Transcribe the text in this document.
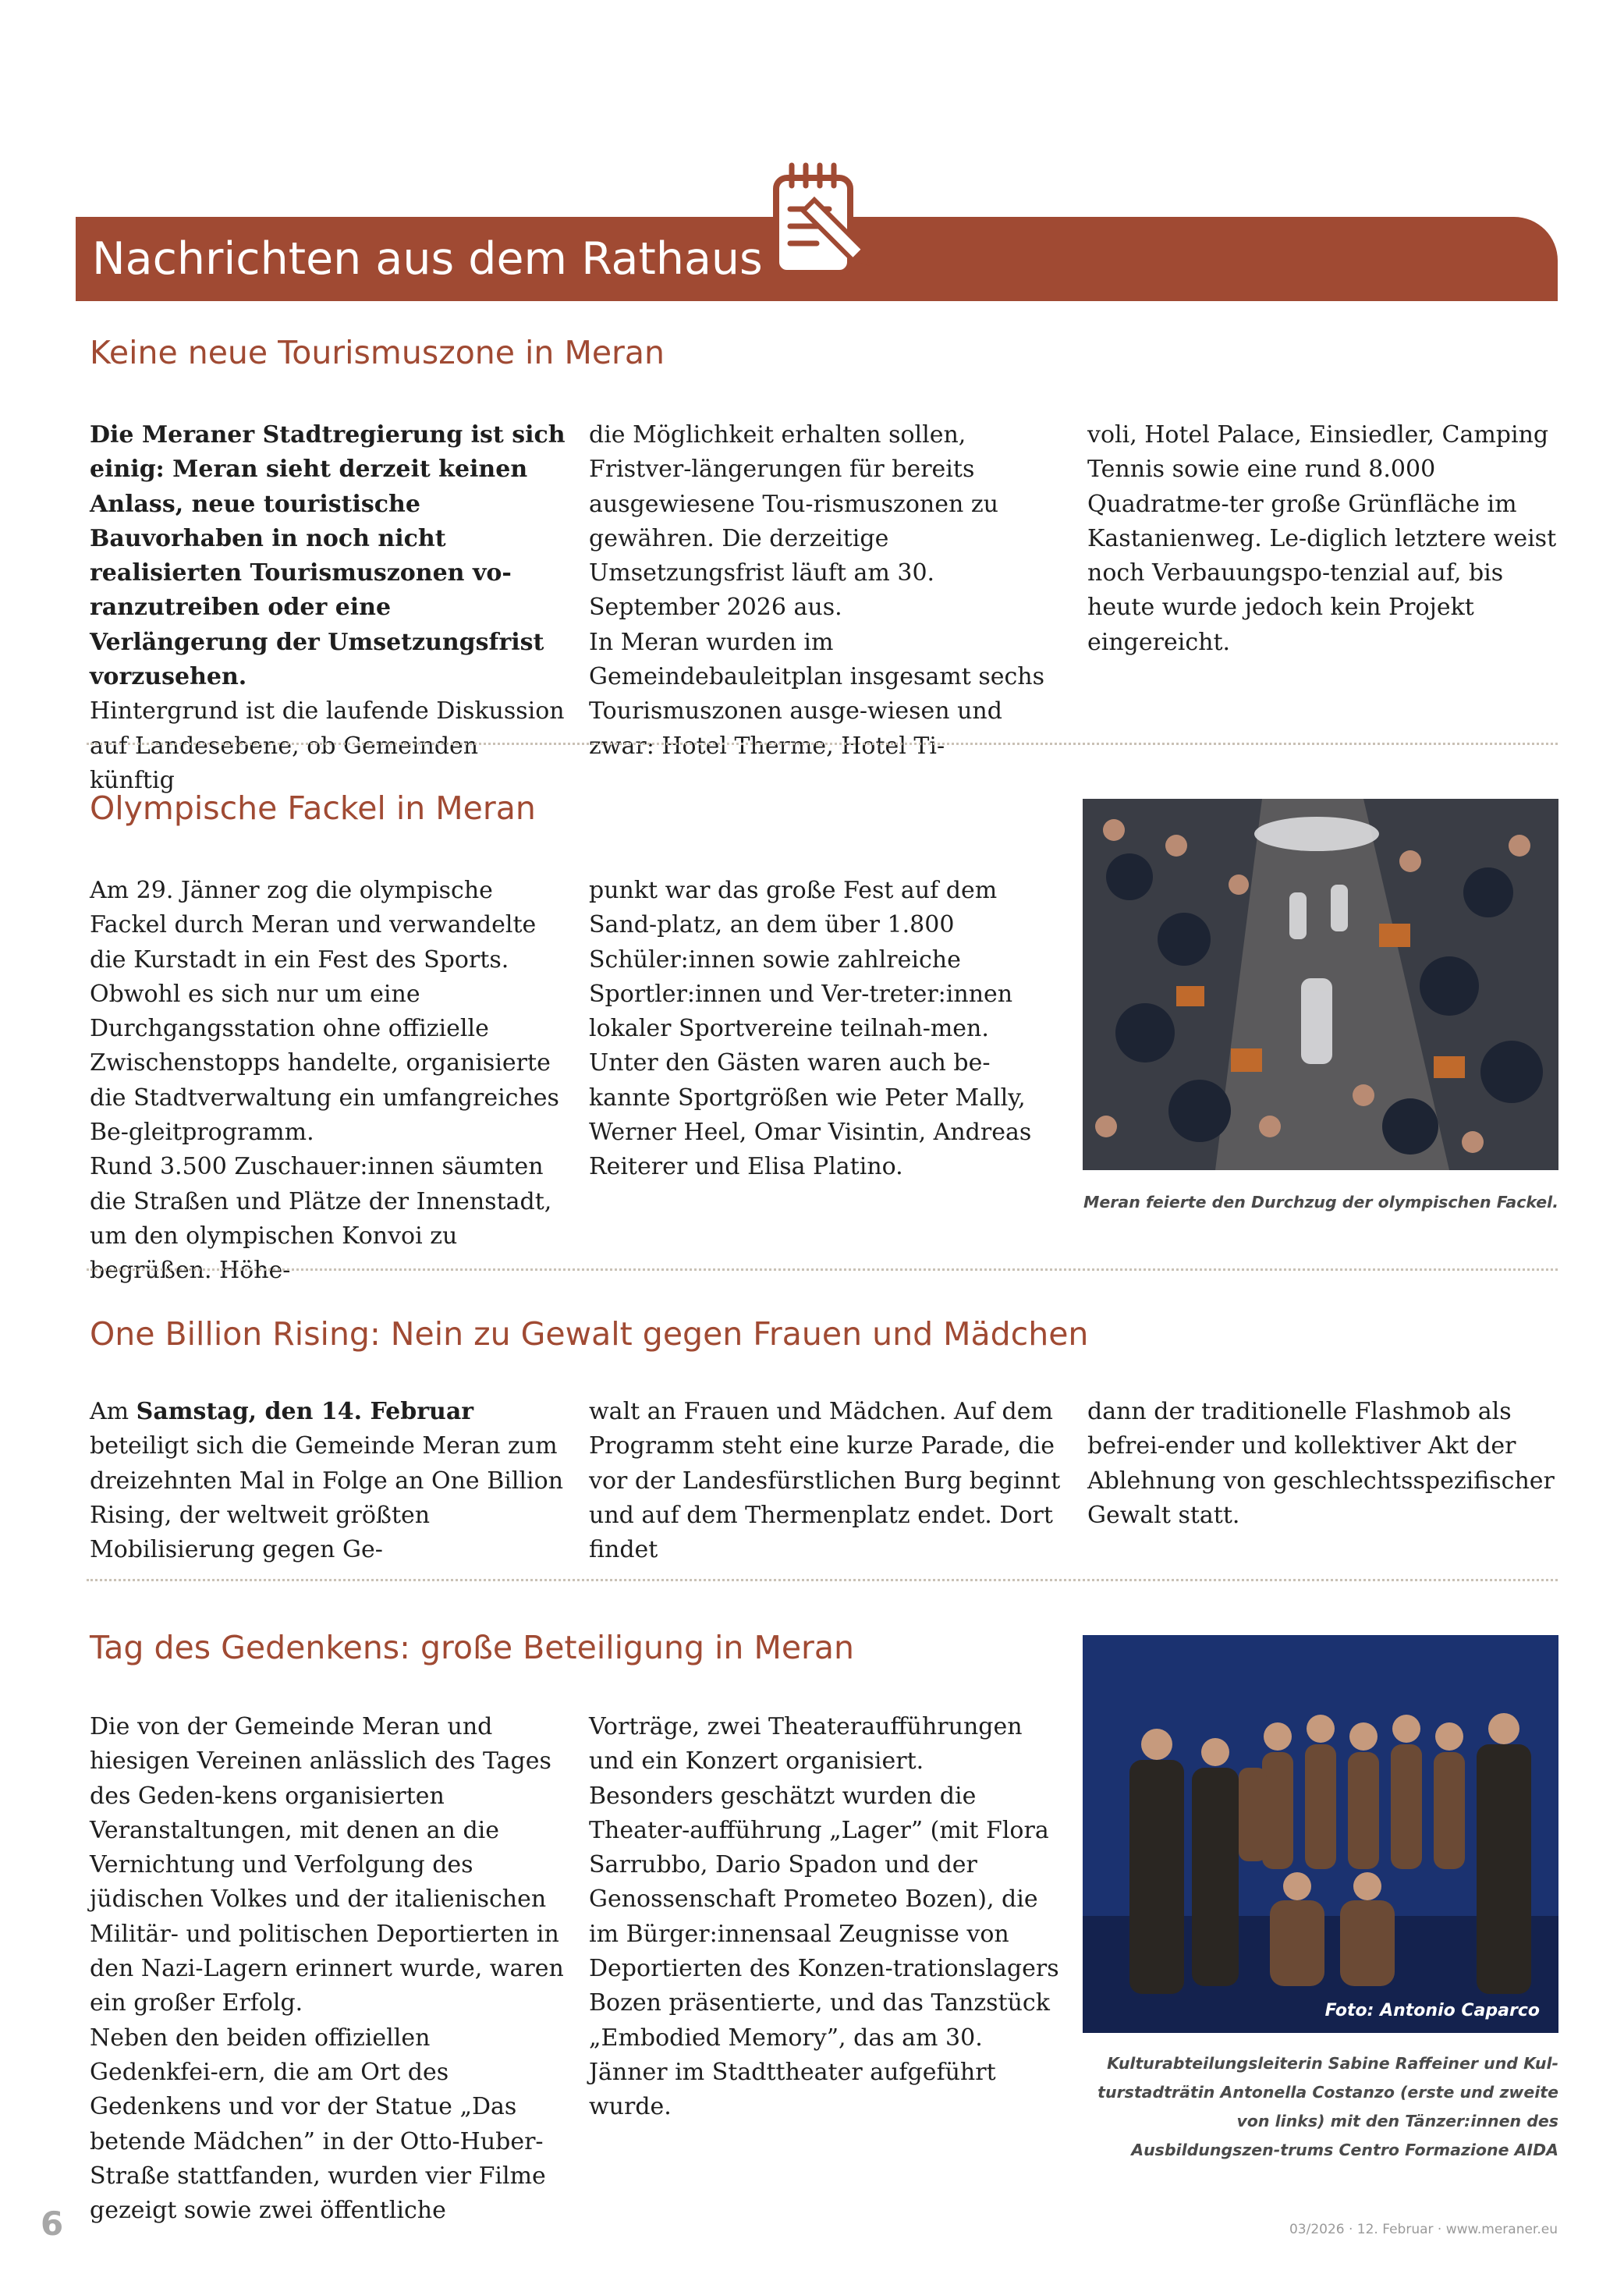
Nachrichten aus dem Rathaus
Keine neue Tourismuszone in Meran

Die Meraner Stadtregierung ist sich einig: Meran sieht derzeit keinen Anlass, neue touristische Bauvorhaben in noch nicht realisierten Tourismuszonen vo-ranzutreiben oder eine Verlängerung der Umsetzungsfrist vorzusehen.

Hintergrund ist die laufende Diskussion auf Landesebene, ob Gemeinden künftig

die Möglichkeit erhalten sollen, Fristver-längerungen für bereits ausgewiesene Tou-rismuszonen zu gewähren. Die derzeitige Umsetzungsfrist läuft am 30. September 2026 aus.

In Meran wurden im Gemeindebauleitplan insgesamt sechs Tourismuszonen ausge-wiesen und zwar: Hotel Therme, Hotel Ti-

voli, Hotel Palace, Einsiedler, Camping Tennis sowie eine rund 8.000 Quadratme-ter große Grünfläche im Kastanienweg. Le-diglich letztere weist noch Verbauungspo-tenzial auf, bis heute wurde jedoch kein Projekt eingereicht.

Olympische Fackel in Meran

Am 29. Jänner zog die olympische Fackel durch Meran und verwandelte die Kurstadt in ein Fest des Sports. Obwohl es sich nur um eine Durchgangsstation ohne offizielle Zwischenstopps handelte, organisierte die Stadtverwaltung ein umfangreiches Be-gleitprogramm.

Rund 3.500 Zuschauer:innen säumten die Straßen und Plätze der Innenstadt, um den olympischen Konvoi zu begrüßen. Höhe-

punkt war das große Fest auf dem Sand-platz, an dem über 1.800 Schüler:innen sowie zahlreiche Sportler:innen und Ver-treter:innen lokaler Sportvereine teilnah-men. Unter den Gästen waren auch be-kannte Sportgrößen wie Peter Mally, Werner Heel, Omar Visintin, Andreas Reiterer und Elisa Platino.

Meran feierte den Durchzug der olympischen Fackel.

One Billion Rising: Nein zu Gewalt gegen Frauen und Mädchen

Am Samstag, den 14. Februar beteiligt sich die Gemeinde Meran zum dreizehnten Mal in Folge an One Billion Rising, der weltweit größten Mobilisierung gegen Ge-

walt an Frauen und Mädchen. Auf dem Programm steht eine kurze Parade, die vor der Landesfürstlichen Burg beginnt und auf dem Thermenplatz endet. Dort findet

dann der traditionelle Flashmob als befrei-ender und kollektiver Akt der Ablehnung von geschlechtsspezifischer Gewalt statt.

Tag des Gedenkens: große Beteiligung in Meran

Die von der Gemeinde Meran und hiesigen Vereinen anlässlich des Tages des Geden-kens organisierten Veranstaltungen, mit denen an die Vernichtung und Verfolgung des jüdischen Volkes und der italienischen Militär- und politischen Deportierten in den Nazi-Lagern erinnert wurde, waren ein großer Erfolg.

Neben den beiden offiziellen Gedenkfei-ern, die am Ort des Gedenkens und vor der Statue „Das betende Mädchen” in der Otto-Huber-Straße stattfanden, wurden vier Filme gezeigt sowie zwei öffentliche

Vorträge, zwei Theateraufführungen und ein Konzert organisiert.

Besonders geschätzt wurden die Theater-aufführung „Lager” (mit Flora Sarrubbo, Dario Spadon und der Genossenschaft Prometeo Bozen), die im Bürger:innensaal Zeugnisse von Deportierten des Konzen-trationslagers Bozen präsentierte, und das Tanzstück „Embodied Memory”, das am 30. Jänner im Stadttheater aufgeführt wurde.

Foto: Antonio Caparco

Kulturabteilungsleiterin Sabine Raffeiner und Kul-turstadträtin Antonella Costanzo (erste und zweite von links) mit den Tänzer:innen des Ausbildungszen-trums Centro Formazione AIDA

03/2026 · 12. Februar · www.meraner.eu
6
